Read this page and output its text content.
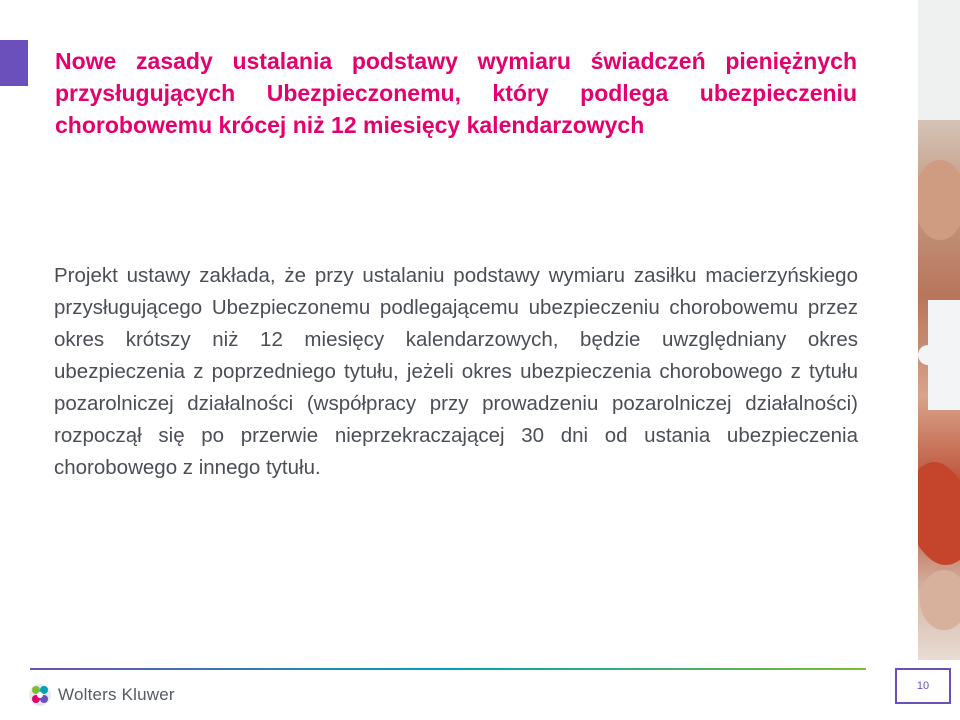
Nowe zasady ustalania podstawy wymiaru świadczeń pieniężnych przysługujących Ubezpieczonemu, który podlega ubezpieczeniu chorobowemu krócej niż 12 miesięcy kalendarzowych

Projekt ustawy zakłada, że przy ustalaniu podstawy wymiaru zasiłku macierzyńskiego przysługującego Ubezpieczonemu podlegającemu ubezpieczeniu chorobowemu przez okres krótszy niż 12 miesięcy kalendarzowych, będzie uwzględniany okres ubezpieczenia z poprzedniego tytułu, jeżeli okres ubezpieczenia chorobowego z tytułu pozarolniczej działalności (współpracy przy prowadzeniu pozarolniczej działalności) rozpoczął się po przerwie nieprzekraczającej 30 dni od ustania ubezpieczenia chorobowego z innego tytułu.

Wolters Kluwer	10
